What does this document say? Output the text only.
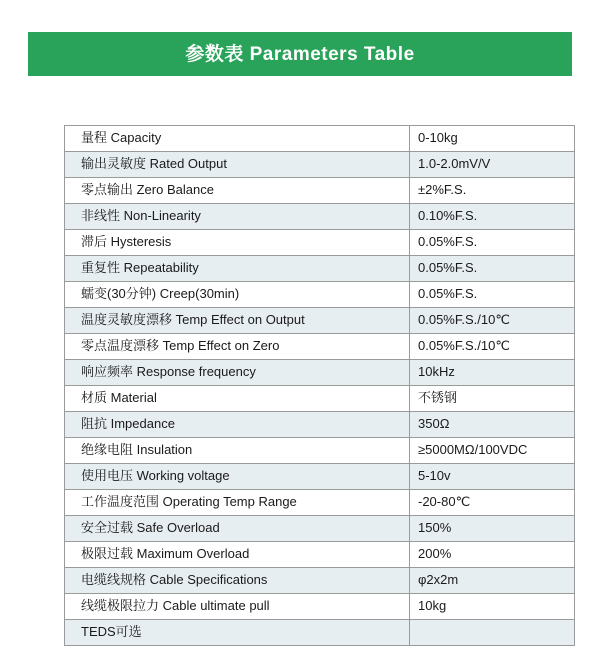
参数表 Parameters Table
量程 Capacity	0-10kg
输出灵敏度 Rated Output	1.0-2.0mV/V
零点输出 Zero Balance	±2%F.S.
非线性 Non-Linearity	0.10%F.S.
滞后 Hysteresis	0.05%F.S.
重复性 Repeatability	0.05%F.S.
蠕变(30分钟) Creep(30min)	0.05%F.S.
温度灵敏度漂移 Temp Effect on Output	0.05%F.S./10℃
零点温度漂移 Temp Effect on Zero	0.05%F.S./10℃
响应频率 Response frequency	10kHz
材质 Material	不锈钢
阻抗 Impedance	350Ω
绝缘电阻 Insulation	≥5000MΩ/100VDC
使用电压 Working voltage	5-10v
工作温度范围 Operating Temp Range	-20-80℃
安全过载 Safe Overload	150%
极限过载 Maximum Overload	200%
电缆线规格 Cable Specifications	φ2x2m
线缆极限拉力 Cable ultimate pull	10kg
TEDS可选	
